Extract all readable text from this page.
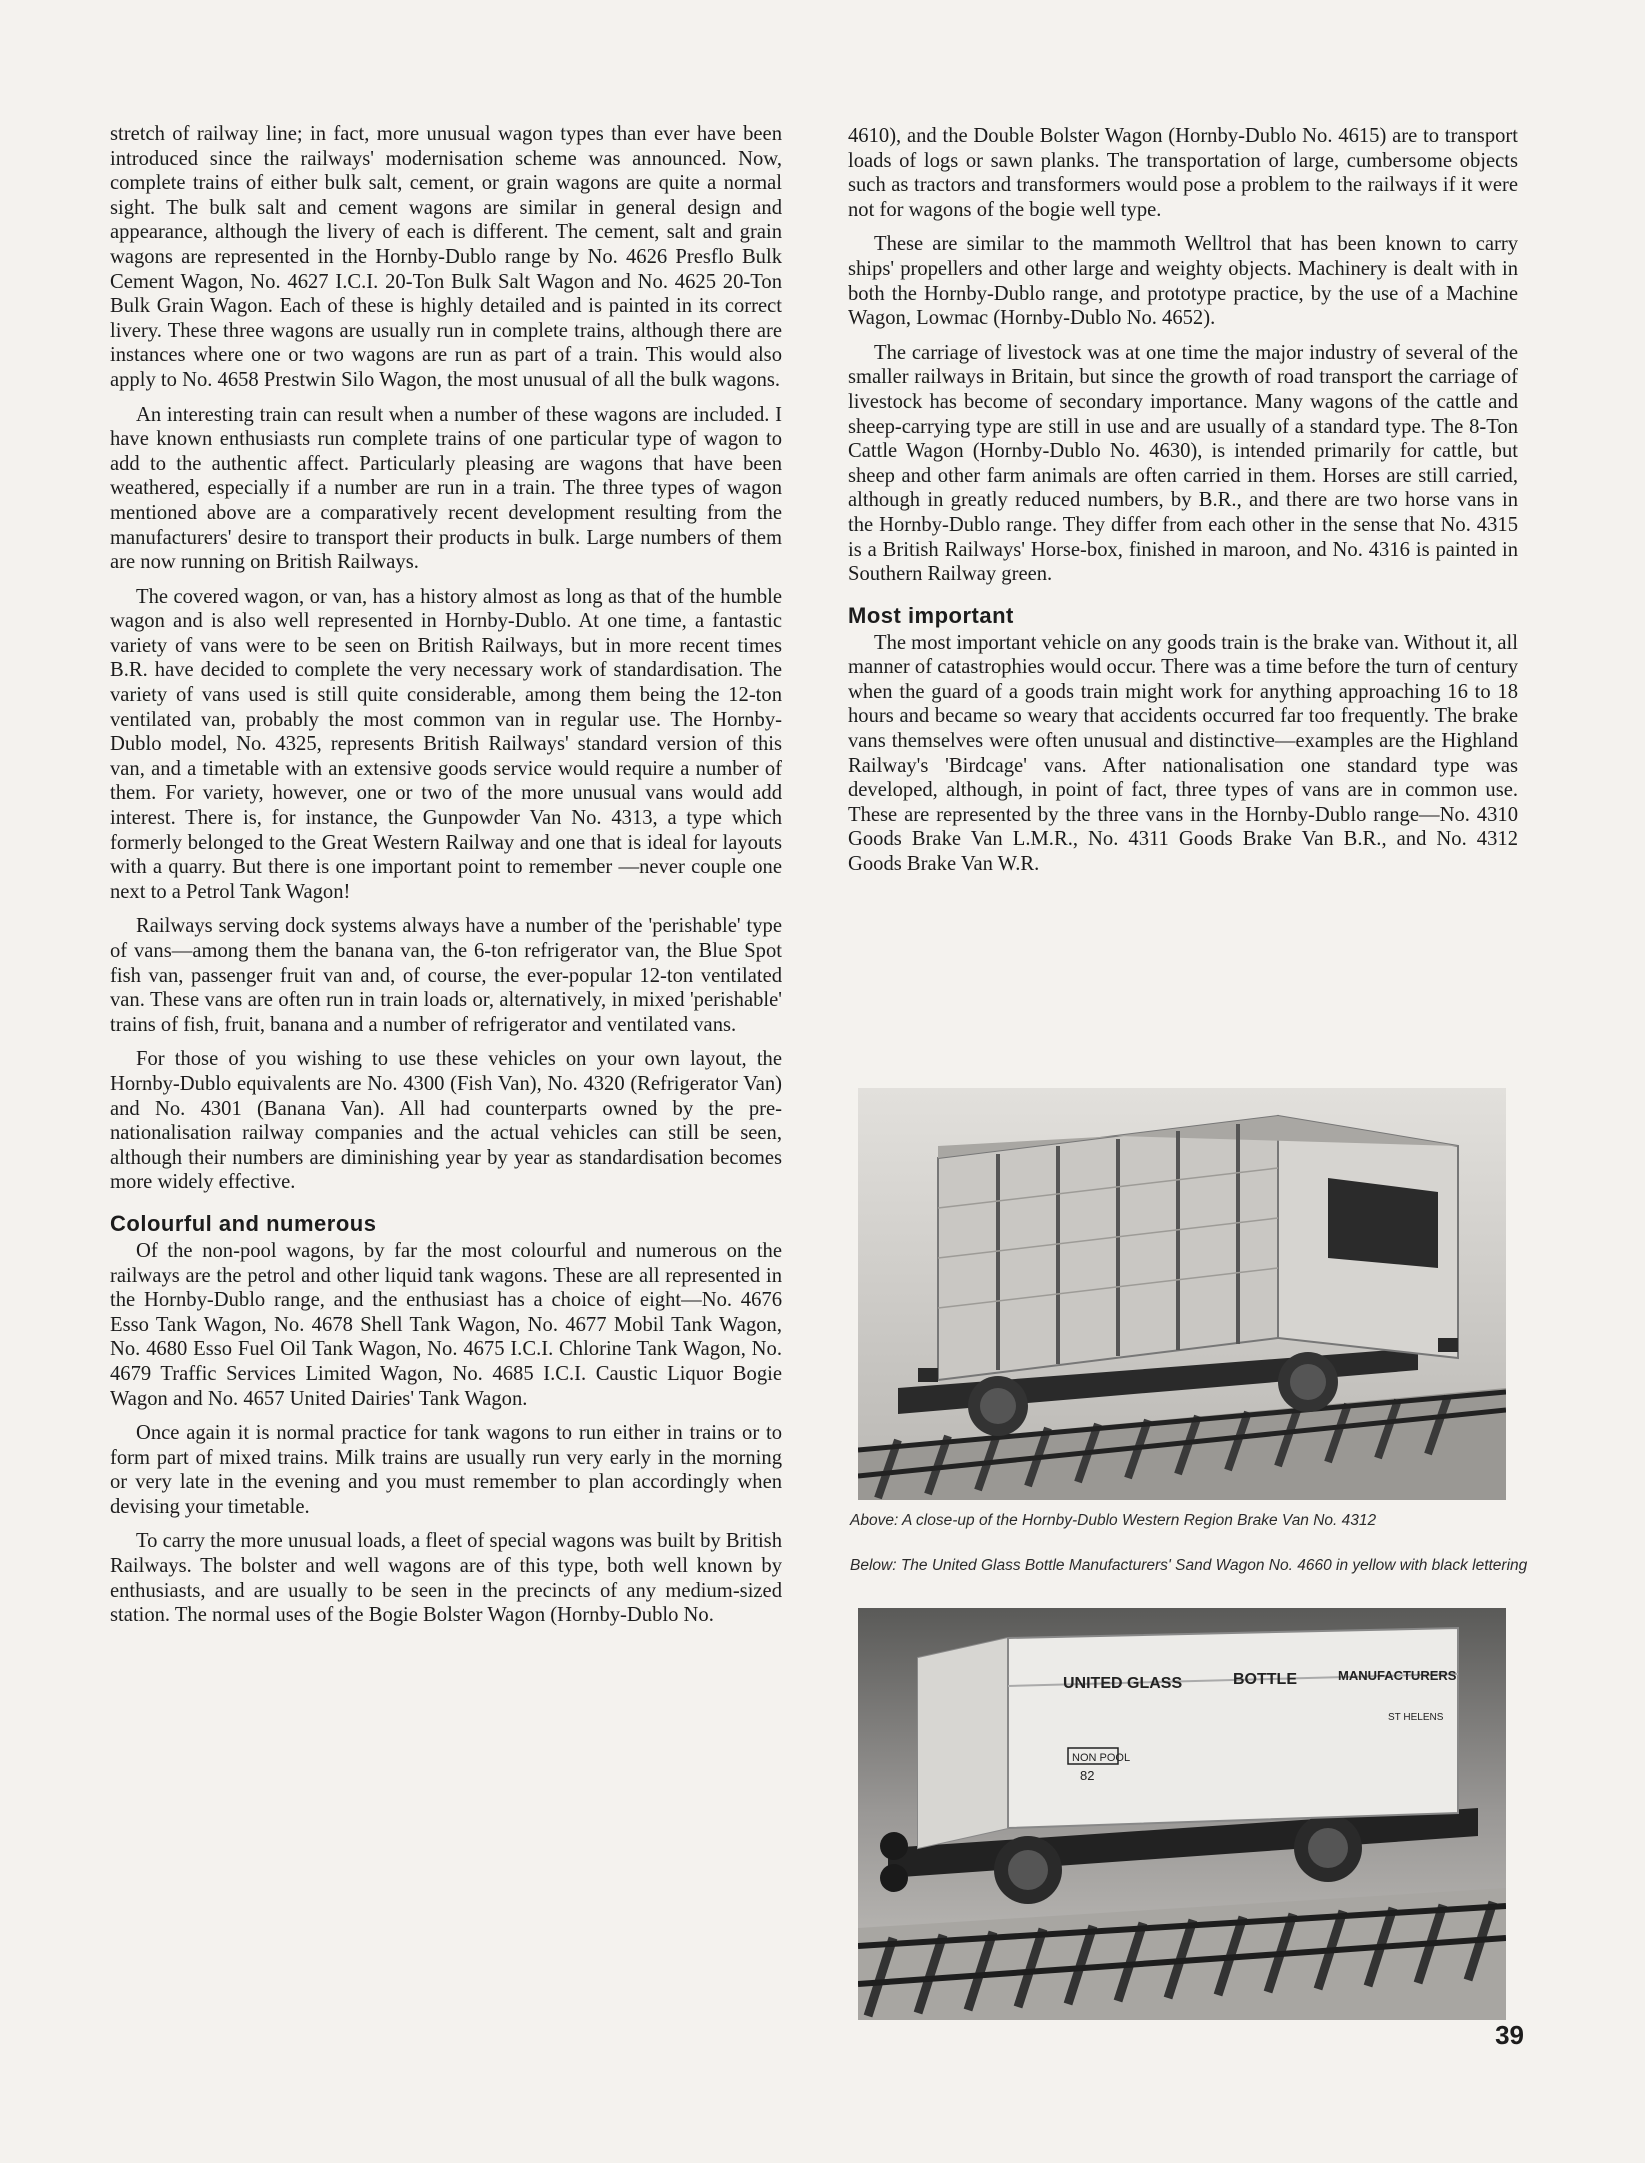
stretch of railway line; in fact, more unusual wagon types than ever have been introduced since the railways' modernisation scheme was announced. Now, complete trains of either bulk salt, cement, or grain wagons are quite a normal sight. The bulk salt and cement wagons are similar in general design and appearance, although the livery of each is different. The cement, salt and grain wagons are represented in the Hornby-Dublo range by No. 4626 Presflo Bulk Cement Wagon, No. 4627 I.C.I. 20-Ton Bulk Salt Wagon and No. 4625 20-Ton Bulk Grain Wagon. Each of these is highly detailed and is painted in its correct livery. These three wagons are usually run in complete trains, although there are instances where one or two wagons are run as part of a train. This would also apply to No. 4658 Prestwin Silo Wagon, the most unusual of all the bulk wagons.

An interesting train can result when a number of these wagons are included. I have known enthusiasts run complete trains of one particular type of wagon to add to the authentic affect. Particularly pleasing are wagons that have been weathered, especially if a number are run in a train. The three types of wagon mentioned above are a comparatively recent development resulting from the manufacturers' desire to transport their products in bulk. Large numbers of them are now running on British Railways.

The covered wagon, or van, has a history almost as long as that of the humble wagon and is also well represented in Hornby-Dublo. At one time, a fantastic variety of vans were to be seen on British Railways, but in more recent times B.R. have decided to complete the very necessary work of standardisation. The variety of vans used is still quite considerable, among them being the 12-ton ventilated van, probably the most common van in regular use. The Hornby-Dublo model, No. 4325, represents British Railways' standard version of this van, and a timetable with an extensive goods service would require a number of them. For variety, however, one or two of the more unusual vans would add interest. There is, for instance, the Gunpowder Van No. 4313, a type which formerly belonged to the Great Western Railway and one that is ideal for layouts with a quarry. But there is one important point to remember —never couple one next to a Petrol Tank Wagon!

Railways serving dock systems always have a number of the 'perishable' type of vans—among them the banana van, the 6-ton refrigerator van, the Blue Spot fish van, passenger fruit van and, of course, the ever-popular 12-ton ventilated van. These vans are often run in train loads or, alternatively, in mixed 'perishable' trains of fish, fruit, banana and a number of refrigerator and ventilated vans.

For those of you wishing to use these vehicles on your own layout, the Hornby-Dublo equivalents are No. 4300 (Fish Van), No. 4320 (Refrigerator Van) and No. 4301 (Banana Van). All had counterparts owned by the pre-nationalisation railway companies and the actual vehicles can still be seen, although their numbers are diminishing year by year as standardisation becomes more widely effective.

Colourful and numerous

Of the non-pool wagons, by far the most colourful and numerous on the railways are the petrol and other liquid tank wagons. These are all represented in the Hornby-Dublo range, and the enthusiast has a choice of eight—No. 4676 Esso Tank Wagon, No. 4678 Shell Tank Wagon, No. 4677 Mobil Tank Wagon, No. 4680 Esso Fuel Oil Tank Wagon, No. 4675 I.C.I. Chlorine Tank Wagon, No. 4679 Traffic Services Limited Wagon, No. 4685 I.C.I. Caustic Liquor Bogie Wagon and No. 4657 United Dairies' Tank Wagon.

Once again it is normal practice for tank wagons to run either in trains or to form part of mixed trains. Milk trains are usually run very early in the morning or very late in the evening and you must remember to plan accordingly when devising your timetable.

To carry the more unusual loads, a fleet of special wagons was built by British Railways. The bolster and well wagons are of this type, both well known by enthusiasts, and are usually to be seen in the precincts of any medium-sized station. The normal uses of the Bogie Bolster Wagon (Hornby-Dublo No.

4610), and the Double Bolster Wagon (Hornby-Dublo No. 4615) are to transport loads of logs or sawn planks. The transportation of large, cumbersome objects such as tractors and transformers would pose a problem to the railways if it were not for wagons of the bogie well type.

These are similar to the mammoth Welltrol that has been known to carry ships' propellers and other large and weighty objects. Machinery is dealt with in both the Hornby-Dublo range, and prototype practice, by the use of a Machine Wagon, Lowmac (Hornby-Dublo No. 4652).

The carriage of livestock was at one time the major industry of several of the smaller railways in Britain, but since the growth of road transport the carriage of livestock has become of secondary importance. Many wagons of the cattle and sheep-carrying type are still in use and are usually of a standard type. The 8-Ton Cattle Wagon (Hornby-Dublo No. 4630), is intended primarily for cattle, but sheep and other farm animals are often carried in them. Horses are still carried, although in greatly reduced numbers, by B.R., and there are two horse vans in the Hornby-Dublo range. They differ from each other in the sense that No. 4315 is a British Railways' Horse-box, finished in maroon, and No. 4316 is painted in Southern Railway green.

Most important

The most important vehicle on any goods train is the brake van. Without it, all manner of catastrophies would occur. There was a time before the turn of century when the guard of a goods train might work for anything approaching 16 to 18 hours and became so weary that accidents occurred far too frequently. The brake vans themselves were often unusual and distinctive—examples are the Highland Railway's 'Birdcage' vans. After nationalisation one standard type was developed, although, in point of fact, three types of vans are in common use. These are represented by the three vans in the Hornby-Dublo range—No. 4310 Goods Brake Van L.M.R., No. 4311 Goods Brake Van B.R., and No. 4312 Goods Brake Van W.R.

Above: A close-up of the Hornby-Dublo Western Region Brake Van No. 4312
Below: The United Glass Bottle Manufacturers' Sand Wagon No. 4660 in yellow with black lettering
UNITED GLASS	BOTTLE	MANUFACTURERS
ST HELENS
NON POOL
82
39
